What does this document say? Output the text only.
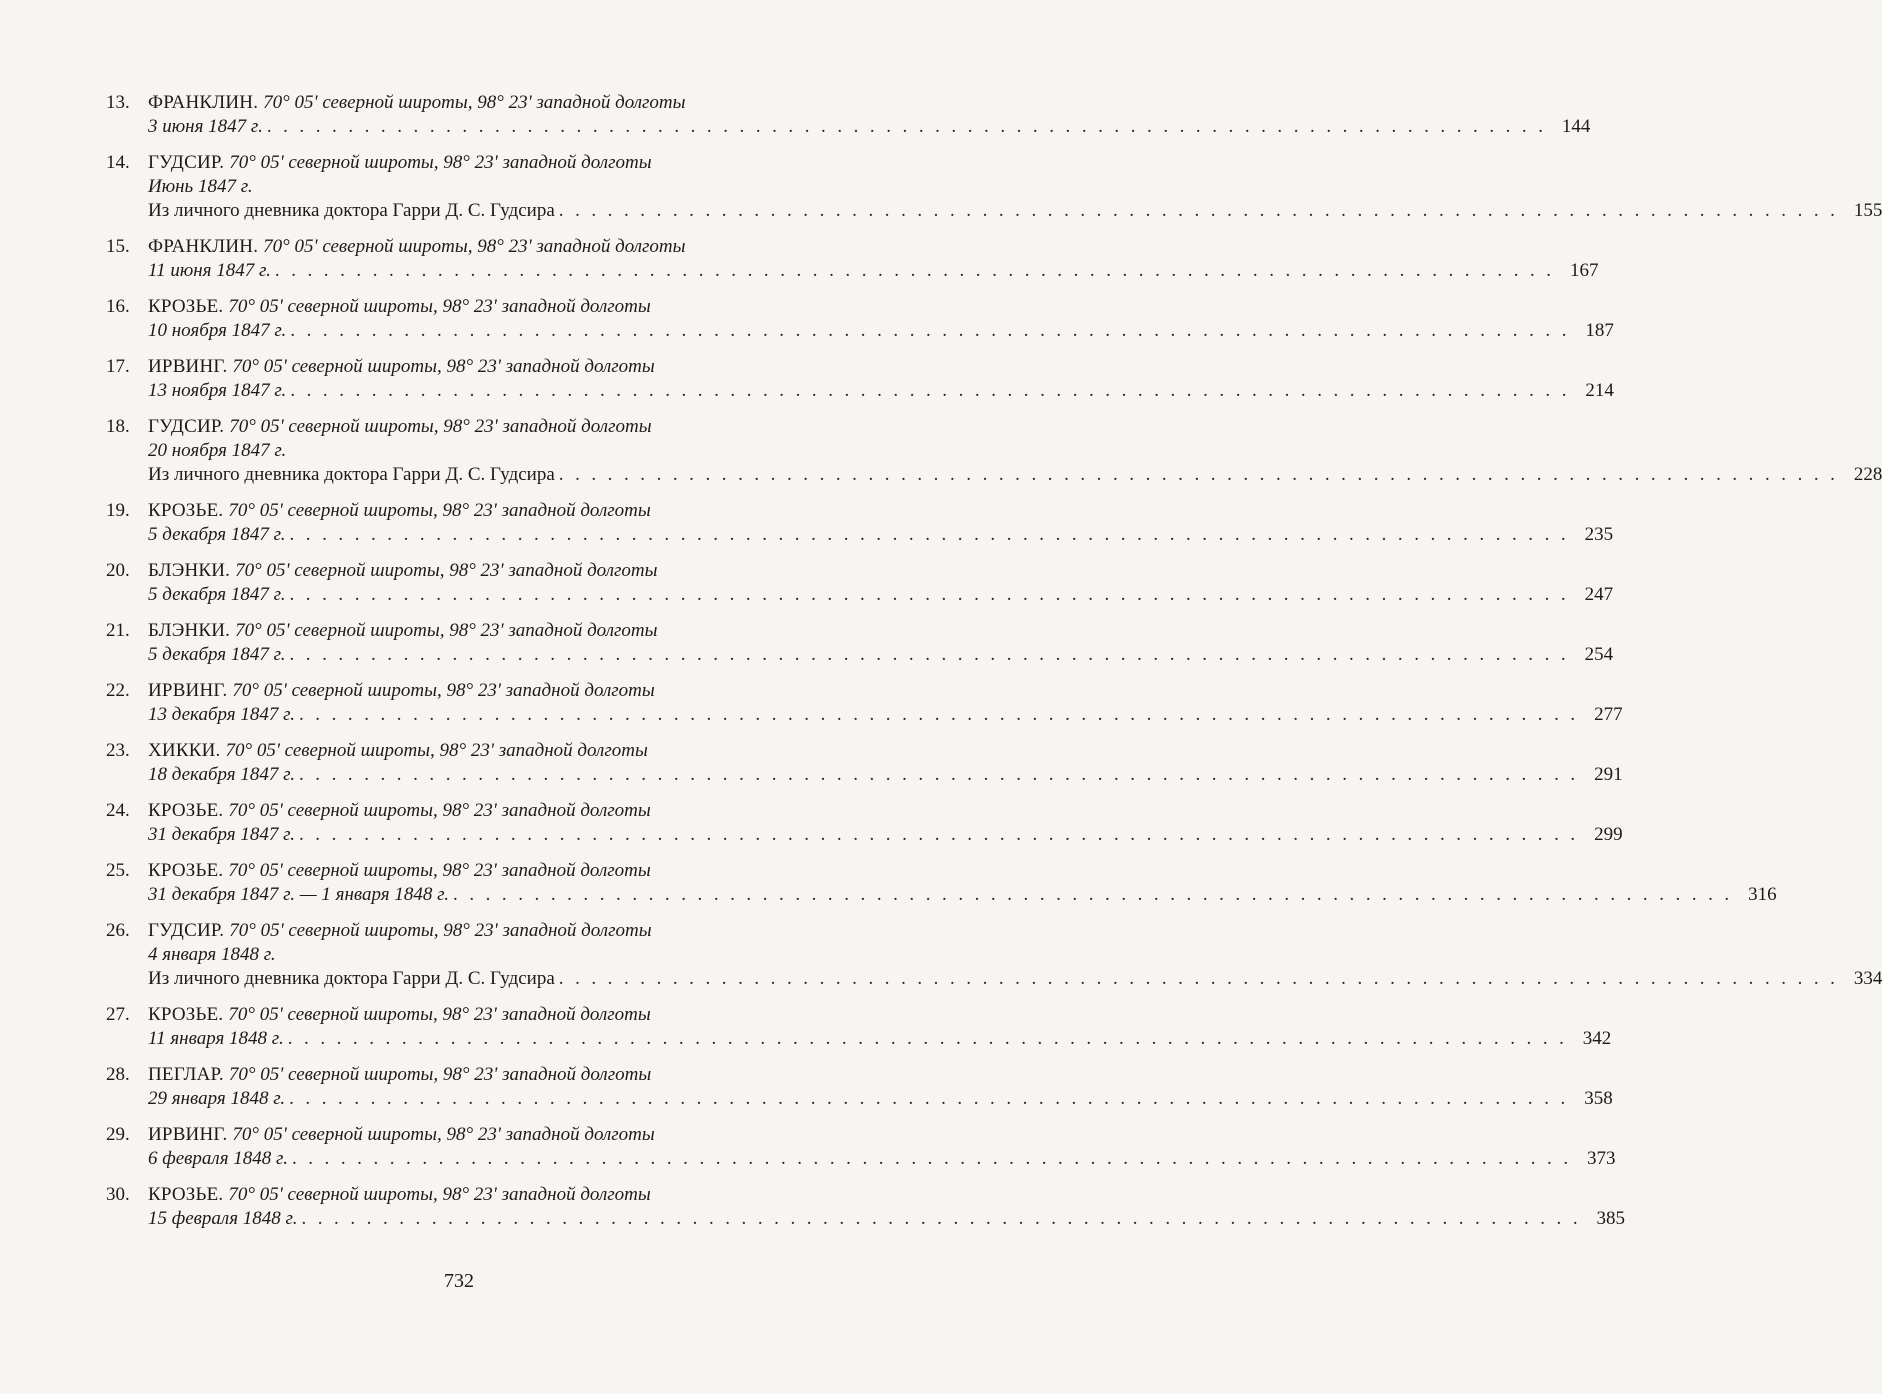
13. ФРАНКЛИН. 70° 05' северной широты, 98° 23' западной долготы
3 июня 1847 г. . . . . . . . . . . . . . . . . . . . . . . . . . . . . . . . . . . . . . . . . . . . . . . . . . . . . . . . . . . . . . . . . . . . . . . . . . . . . . . . 144
14. ГУДСИР. 70° 05' северной широты, 98° 23' западной долготы
Июнь 1847 г.
Из личного дневника доктора Гарри Д. С. Гудсира . . . . . . . . . . . . . . . . . . . . . . . . . . . . . . . . . . . . . . . . . . . . . . . . . . . . . . . . . . . . . . . . . . . . . . . . . . . . . . . 155
15. ФРАНКЛИН. 70° 05' северной широты, 98° 23' западной долготы
11 июня 1847 г. . . . . . . . . . . . . . . . . . . . . . . . . . . . . . . . . . . . . . . . . . . . . . . . . . . . . . . . . . . . . . . . . . . . . . . . . . . . . . . . 167
16. КРОЗЬЕ. 70° 05' северной широты, 98° 23' западной долготы
10 ноября 1847 г. . . . . . . . . . . . . . . . . . . . . . . . . . . . . . . . . . . . . . . . . . . . . . . . . . . . . . . . . . . . . . . . . . . . . . . . . . . . . . . . 187
17. ИРВИНГ. 70° 05' северной широты, 98° 23' западной долготы
13 ноября 1847 г. . . . . . . . . . . . . . . . . . . . . . . . . . . . . . . . . . . . . . . . . . . . . . . . . . . . . . . . . . . . . . . . . . . . . . . . . . . . . . . . 214
18. ГУДСИР. 70° 05' северной широты, 98° 23' западной долготы
20 ноября 1847 г.
Из личного дневника доктора Гарри Д. С. Гудсира . . . . . . . . . . . . . . . . . . . . . . . . . . . . . . . . . . . . . . . . . . . . . . . . . . . . . . . . . . . . . . . . . . . . . . . . . . . . . . . 228
19. КРОЗЬЕ. 70° 05' северной широты, 98° 23' западной долготы
5 декабря 1847 г. . . . . . . . . . . . . . . . . . . . . . . . . . . . . . . . . . . . . . . . . . . . . . . . . . . . . . . . . . . . . . . . . . . . . . . . . . . . . . . . 235
20. БЛЭНКИ. 70° 05' северной широты, 98° 23' западной долготы
5 декабря 1847 г. . . . . . . . . . . . . . . . . . . . . . . . . . . . . . . . . . . . . . . . . . . . . . . . . . . . . . . . . . . . . . . . . . . . . . . . . . . . . . . . 247
21. БЛЭНКИ. 70° 05' северной широты, 98° 23' западной долготы
5 декабря 1847 г. . . . . . . . . . . . . . . . . . . . . . . . . . . . . . . . . . . . . . . . . . . . . . . . . . . . . . . . . . . . . . . . . . . . . . . . . . . . . . . . 254
22. ИРВИНГ. 70° 05' северной широты, 98° 23' западной долготы
13 декабря 1847 г. . . . . . . . . . . . . . . . . . . . . . . . . . . . . . . . . . . . . . . . . . . . . . . . . . . . . . . . . . . . . . . . . . . . . . . . . . . . . . . . 277
23. ХИККИ. 70° 05' северной широты, 98° 23' западной долготы
18 декабря 1847 г. . . . . . . . . . . . . . . . . . . . . . . . . . . . . . . . . . . . . . . . . . . . . . . . . . . . . . . . . . . . . . . . . . . . . . . . . . . . . . . . 291
24. КРОЗЬЕ. 70° 05' северной широты, 98° 23' западной долготы
31 декабря 1847 г. . . . . . . . . . . . . . . . . . . . . . . . . . . . . . . . . . . . . . . . . . . . . . . . . . . . . . . . . . . . . . . . . . . . . . . . . . . . . . . . 299
25. КРОЗЬЕ. 70° 05' северной широты, 98° 23' западной долготы
31 декабря 1847 г. — 1 января 1848 г. . . . . . . . . . . . . . . . . . . . . . . . . . . . . . . . . . . . . . . . . . . . . . . . . . . . . . . . . . . . . . . . . . . . . . . . . . . . . . . . 316
26. ГУДСИР. 70° 05' северной широты, 98° 23' западной долготы
4 января 1848 г.
Из личного дневника доктора Гарри Д. С. Гудсира . . . . . . . . . . . . . . . . . . . . . . . . . . . . . . . . . . . . . . . . . . . . . . . . . . . . . . . . . . . . . . . . . . . . . . . . . . . . . . . 334
27. КРОЗЬЕ. 70° 05' северной широты, 98° 23' западной долготы
11 января 1848 г. . . . . . . . . . . . . . . . . . . . . . . . . . . . . . . . . . . . . . . . . . . . . . . . . . . . . . . . . . . . . . . . . . . . . . . . . . . . . . . . 342
28. ПЕГЛАР. 70° 05' северной широты, 98° 23' западной долготы
29 января 1848 г. . . . . . . . . . . . . . . . . . . . . . . . . . . . . . . . . . . . . . . . . . . . . . . . . . . . . . . . . . . . . . . . . . . . . . . . . . . . . . . . 358
29. ИРВИНГ. 70° 05' северной широты, 98° 23' западной долготы
6 февраля 1848 г. . . . . . . . . . . . . . . . . . . . . . . . . . . . . . . . . . . . . . . . . . . . . . . . . . . . . . . . . . . . . . . . . . . . . . . . . . . . . . . . 373
30. КРОЗЬЕ. 70° 05' северной широты, 98° 23' западной долготы
15 февраля 1848 г. . . . . . . . . . . . . . . . . . . . . . . . . . . . . . . . . . . . . . . . . . . . . . . . . . . . . . . . . . . . . . . . . . . . . . . . . . . . . . . . 385
732
